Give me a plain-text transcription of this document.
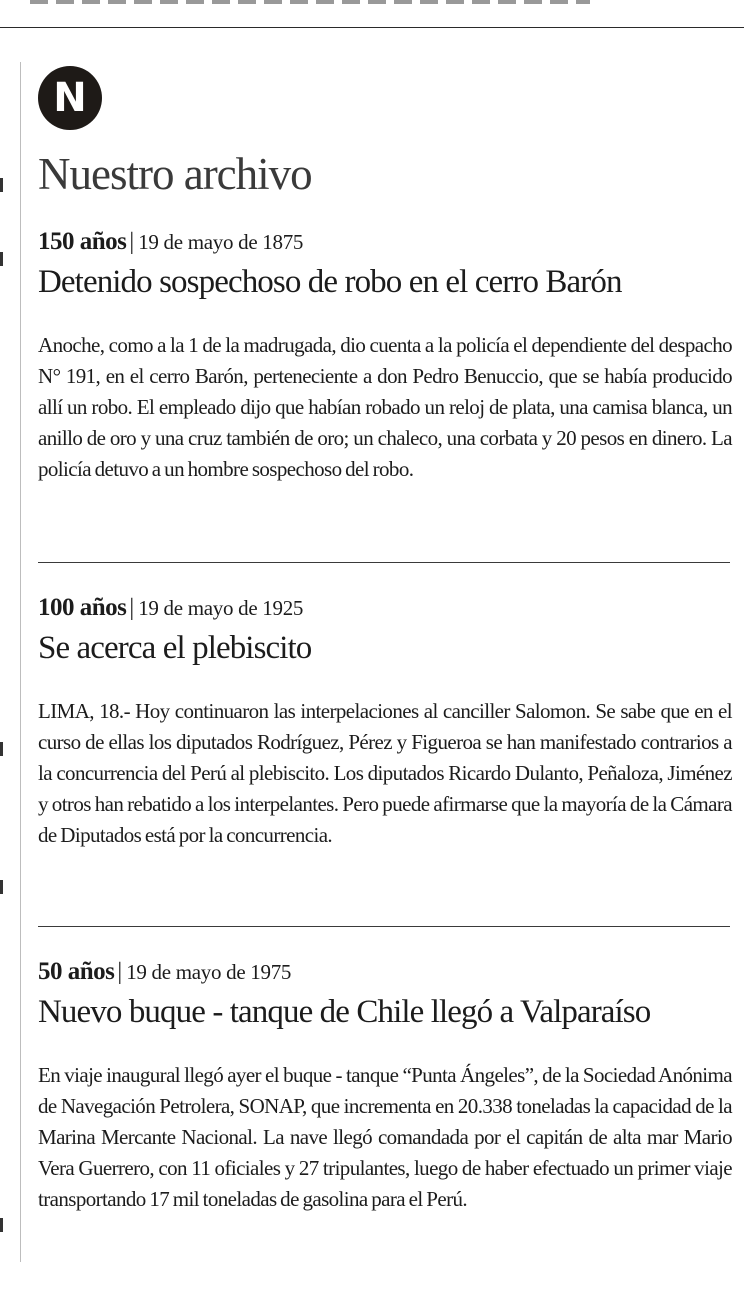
N
Nuestro archivo
150 años | 19 de mayo de 1875
Detenido sospechoso de robo en el cerro Barón

Anoche, como a la 1 de la madrugada, dio cuenta a la policía el dependiente del despacho N° 191, en el cerro Barón, perteneciente a don Pedro Benuccio, que se había producido allí un robo. El empleado dijo que habían robado un reloj de plata, una camisa blanca, un anillo de oro y una cruz también de oro; un chaleco, una corbata y 20 pesos en dinero. La policía detuvo a un hombre sospechoso del robo.

100 años | 19 de mayo de 1925
Se acerca el plebiscito

LIMA, 18.- Hoy continuaron las interpelaciones al canciller Salomon. Se sabe que en el curso de ellas los diputados Rodríguez, Pérez y Figueroa se han manifestado contrarios a la concurrencia del Perú al plebiscito. Los diputados Ricardo Dulanto, Peñaloza, Jiménez y otros han rebatido a los interpelantes. Pero puede afirmarse que la mayoría de la Cámara de Diputados está por la concurrencia.

50 años | 19 de mayo de 1975
Nuevo buque - tanque de Chile llegó a Valparaíso

En viaje inaugural llegó ayer el buque - tanque “Punta Ángeles”, de la Sociedad Anónima de Navegación Petrolera, SONAP, que incrementa en 20.338 toneladas la capacidad de la Marina Mercante Nacional. La nave llegó comandada por el capitán de alta mar Mario Vera Guerrero, con 11 oficiales y 27 tripulantes, luego de haber efectuado un primer viaje transportando 17 mil toneladas de gasolina para el Perú.
